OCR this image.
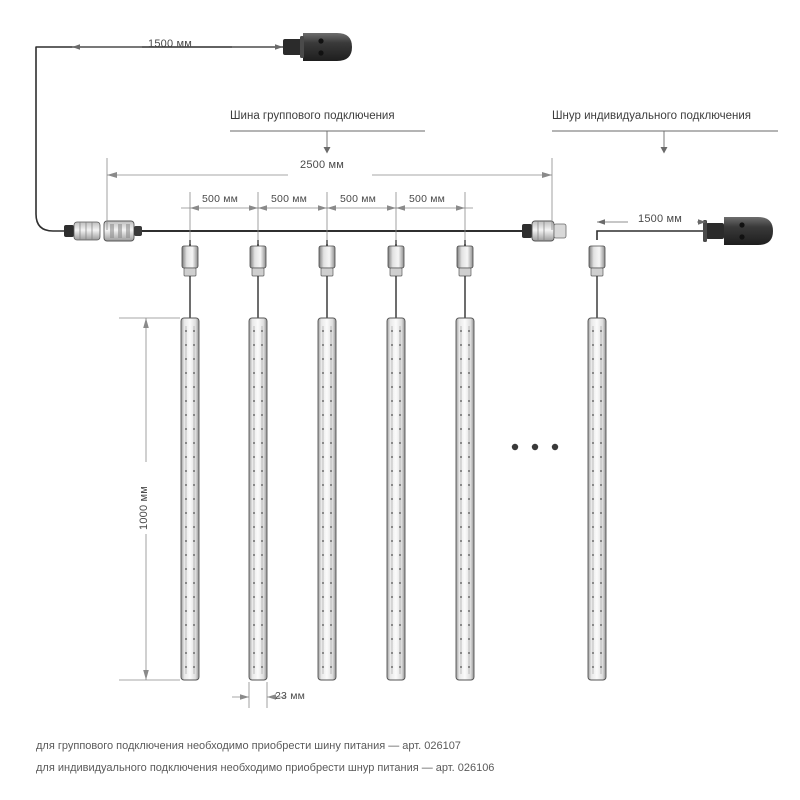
Шина группового подключения	Шнур индивидуального подключения
1500 мм
1500 мм
2500 мм
500 мм	500 мм	500 мм	500 мм
1000 мм
23 мм
для группового подключения необходимо приобрести шину питания — арт. 026107
для индивидуального подключения необходимо приобрести шнур питания — арт. 026106
